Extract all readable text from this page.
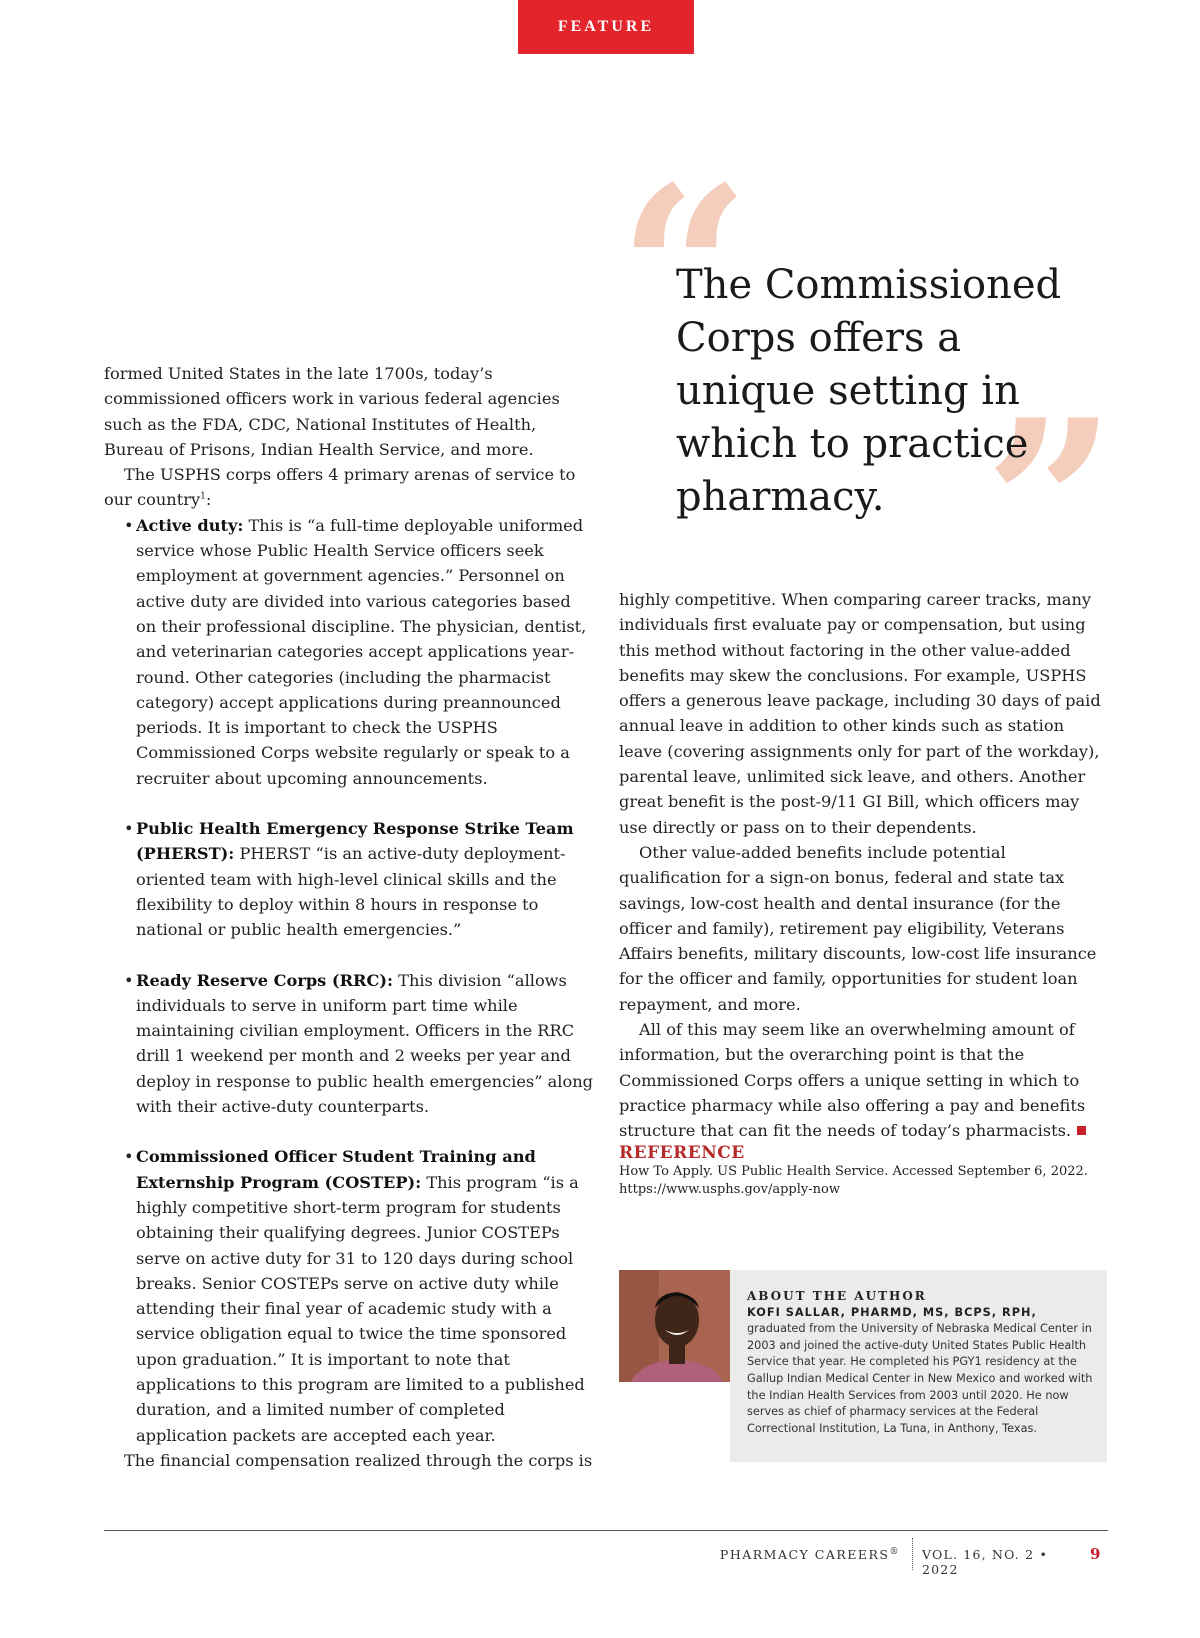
FEATURE

formed United States in the late 1700s, today’s commissioned officers work in various federal agencies such as the FDA, CDC, National Institutes of Health, Bureau of Prisons, Indian Health Service, and more.

The USPHS corps offers 4 primary arenas of service to our country$^1$:

• Active duty: This is “a full-time deployable uniformed service whose Public Health Service officers seek employment at government agencies.” Personnel on active duty are divided into various categories based on their professional discipline. The physician, dentist, and veterinarian categories accept applications year-round. Other categories (including the pharmacist category) accept applications during preannounced periods. It is important to check the USPHS Commissioned Corps website regularly or speak to a recruiter about upcoming announcements.
• Public Health Emergency Response Strike Team (PHERST): PHERST “is an active-duty deployment-oriented team with high-level clinical skills and the flexibility to deploy within 8 hours in response to national or public health emergencies.”
• Ready Reserve Corps (RRC): This division “allows individuals to serve in uniform part time while maintaining civilian employment. Officers in the RRC drill 1 weekend per month and 2 weeks per year and deploy in response to public health emergencies” along with their active-duty counterparts.
• Commissioned Officer Student Training and Externship Program (COSTEP): This program “is a highly competitive short-term program for students obtaining their qualifying degrees. Junior COSTEPs serve on active duty for 31 to 120 days during school breaks. Senior COSTEPs serve on active duty while attending their final year of academic study with a service obligation equal to twice the time sponsored upon graduation.” It is important to note that applications to this program are limited to a published duration, and a limited number of completed application packets are accepted each year.

The financial compensation realized through the corps is

“
”
The Commissioned Corps offers a unique setting in which to practice pharmacy.

highly competitive. When comparing career tracks, many individuals first evaluate pay or compensation, but using this method without factoring in the other value-added benefits may skew the conclusions. For example, USPHS offers a generous leave package, including 30 days of paid annual leave in addition to other kinds such as station leave (covering assignments only for part of the workday), parental leave, unlimited sick leave, and others. Another great benefit is the post-9/11 GI Bill, which officers may use directly or pass on to their dependents.

Other value-added benefits include potential qualification for a sign-on bonus, federal and state tax savings, low-cost health and dental insurance (for the officer and family), retirement pay eligibility, Veterans Affairs benefits, military discounts, low-cost life insurance for the officer and family, opportunities for student loan repayment, and more.

All of this may seem like an overwhelming amount of information, but the overarching point is that the Commissioned Corps offers a unique setting in which to practice pharmacy while also offering a pay and benefits structure that can fit the needs of today’s pharmacists.

REFERENCE
How To Apply. US Public Health Service. Accessed September 6, 2022.
https://www.usphs.gov/apply-now
ABOUT THE AUTHOR
KOFI SALLAR, PHARMD, MS, BCPS, RPH, graduated from the University of Nebraska Medical Center in 2003 and joined the active-duty United States Public Health Service that year. He completed his PGY1 residency at the Gallup Indian Medical Center in New Mexico and worked with the Indian Health Services from 2003 until 2020. He now serves as chief of pharmacy services at the Federal Correctional Institution, La Tuna, in Anthony, Texas.
PHARMACY CAREERS® VOL. 16, NO. 2 • 2022
9
